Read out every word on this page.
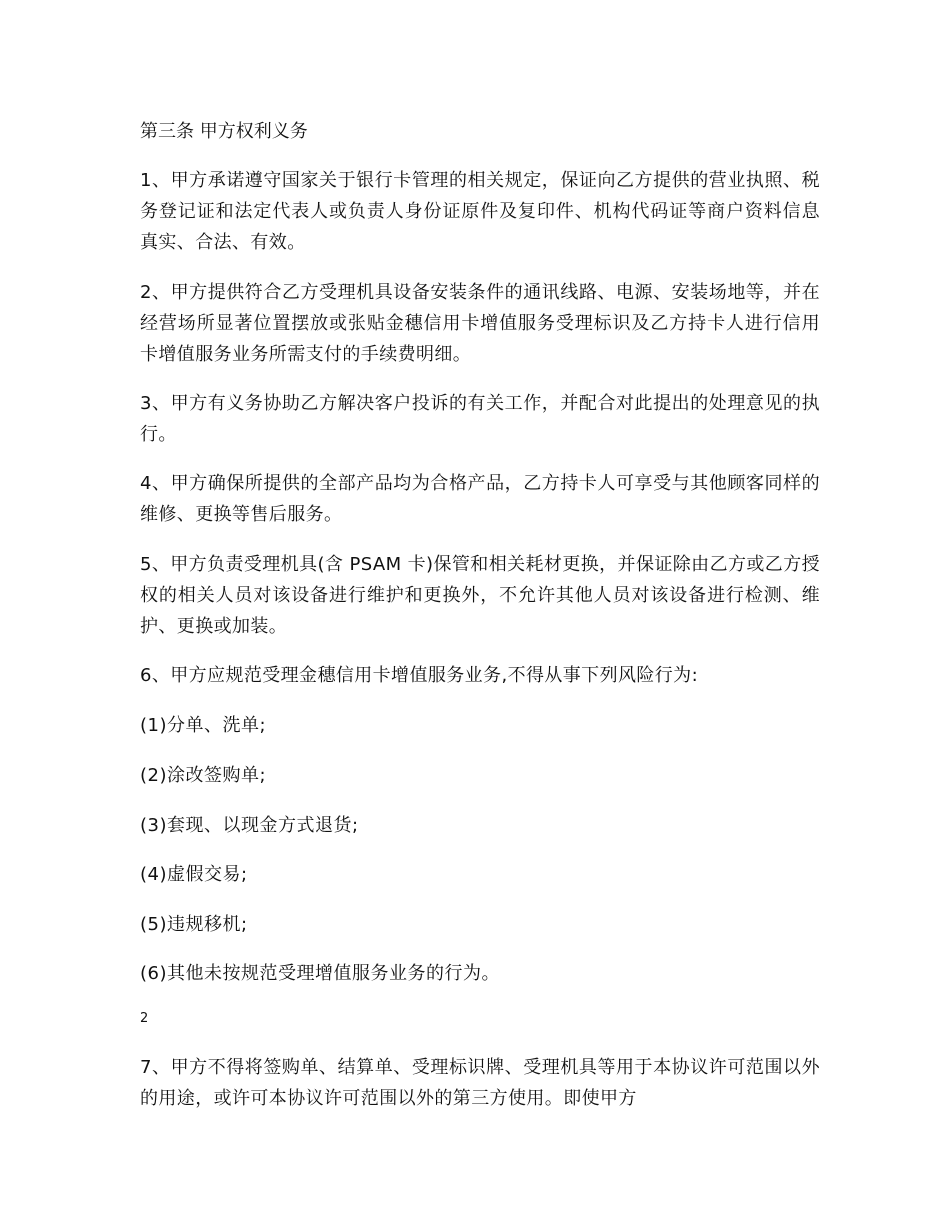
第三条 甲方权利义务
1、甲方承诺遵守国家关于银行卡管理的相关规定，保证向乙方提供的营业执照、税务登记证和法定代表人或负责人身份证原件及复印件、机构代码证等商户资料信息真实、合法、有效。
2、甲方提供符合乙方受理机具设备安装条件的通讯线路、电源、安装场地等，并在经营场所显著位置摆放或张贴金穗信用卡增值服务受理标识及乙方持卡人进行信用卡增值服务业务所需支付的手续费明细。
3、甲方有义务协助乙方解决客户投诉的有关工作，并配合对此提出的处理意见的执行。
4、甲方确保所提供的全部产品均为合格产品，乙方持卡人可享受与其他顾客同样的维修、更换等售后服务。
5、甲方负责受理机具(含 PSAM 卡)保管和相关耗材更换，并保证除由乙方或乙方授权的相关人员对该设备进行维护和更换外，不允许其他人员对该设备进行检测、维护、更换或加装。
6、甲方应规范受理金穗信用卡增值服务业务,不得从事下列风险行为:
(1)分单、洗单;
(2)涂改签购单;
(3)套现、以现金方式退货;
(4)虚假交易;
(5)违规移机;
(6)其他未按规范受理增值服务业务的行为。
2
7、甲方不得将签购单、结算单、受理标识牌、受理机具等用于本协议许可范围以外的用途，或许可本协议许可范围以外的第三方使用。即使甲方
